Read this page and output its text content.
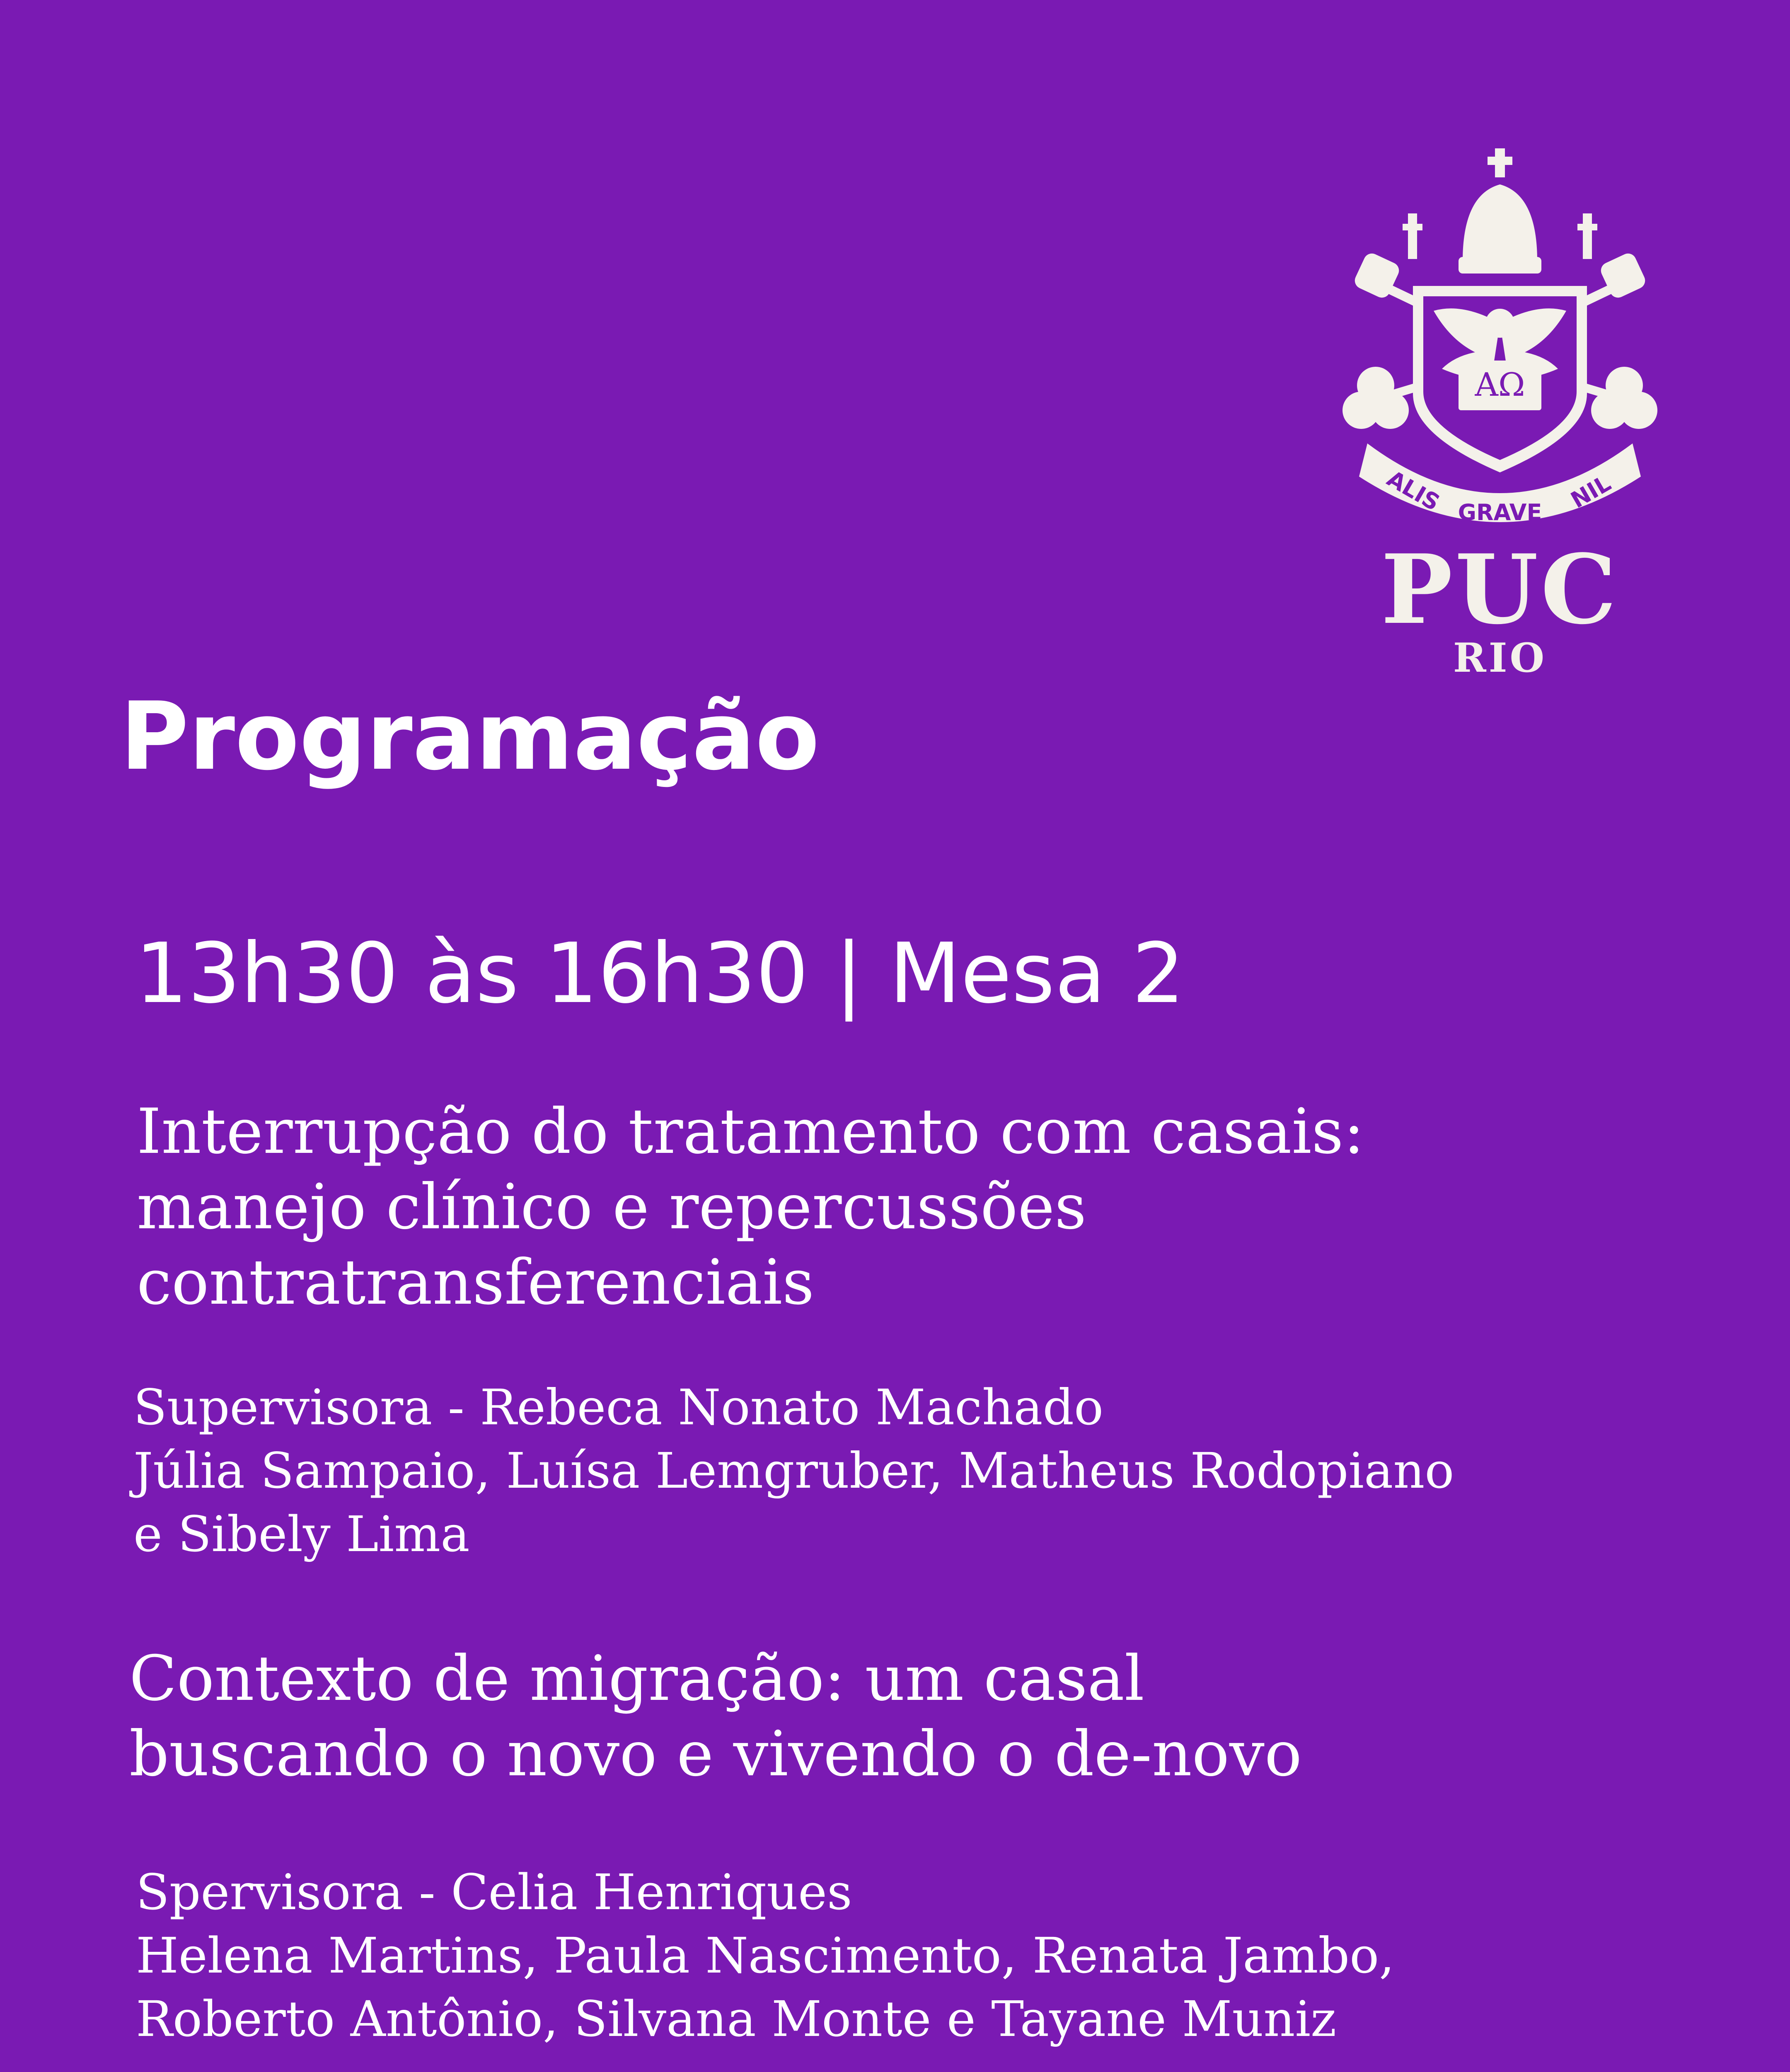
AΩ
ALIS GRAVE NIL
PUC
RIO
Programação
13h30 às 16h30 | Mesa 2
Interrupção do tratamento com casais:
manejo clínico e repercussões
contratransferenciais
Supervisora - Rebeca Nonato Machado
Júlia Sampaio, Luísa Lemgruber, Matheus Rodopiano
e Sibely Lima
Contexto de migração: um casal
buscando o novo e vivendo o de-novo
Spervisora - Celia Henriques
Helena Martins, Paula Nascimento, Renata Jambo,
Roberto Antônio, Silvana Monte e Tayane Muniz
